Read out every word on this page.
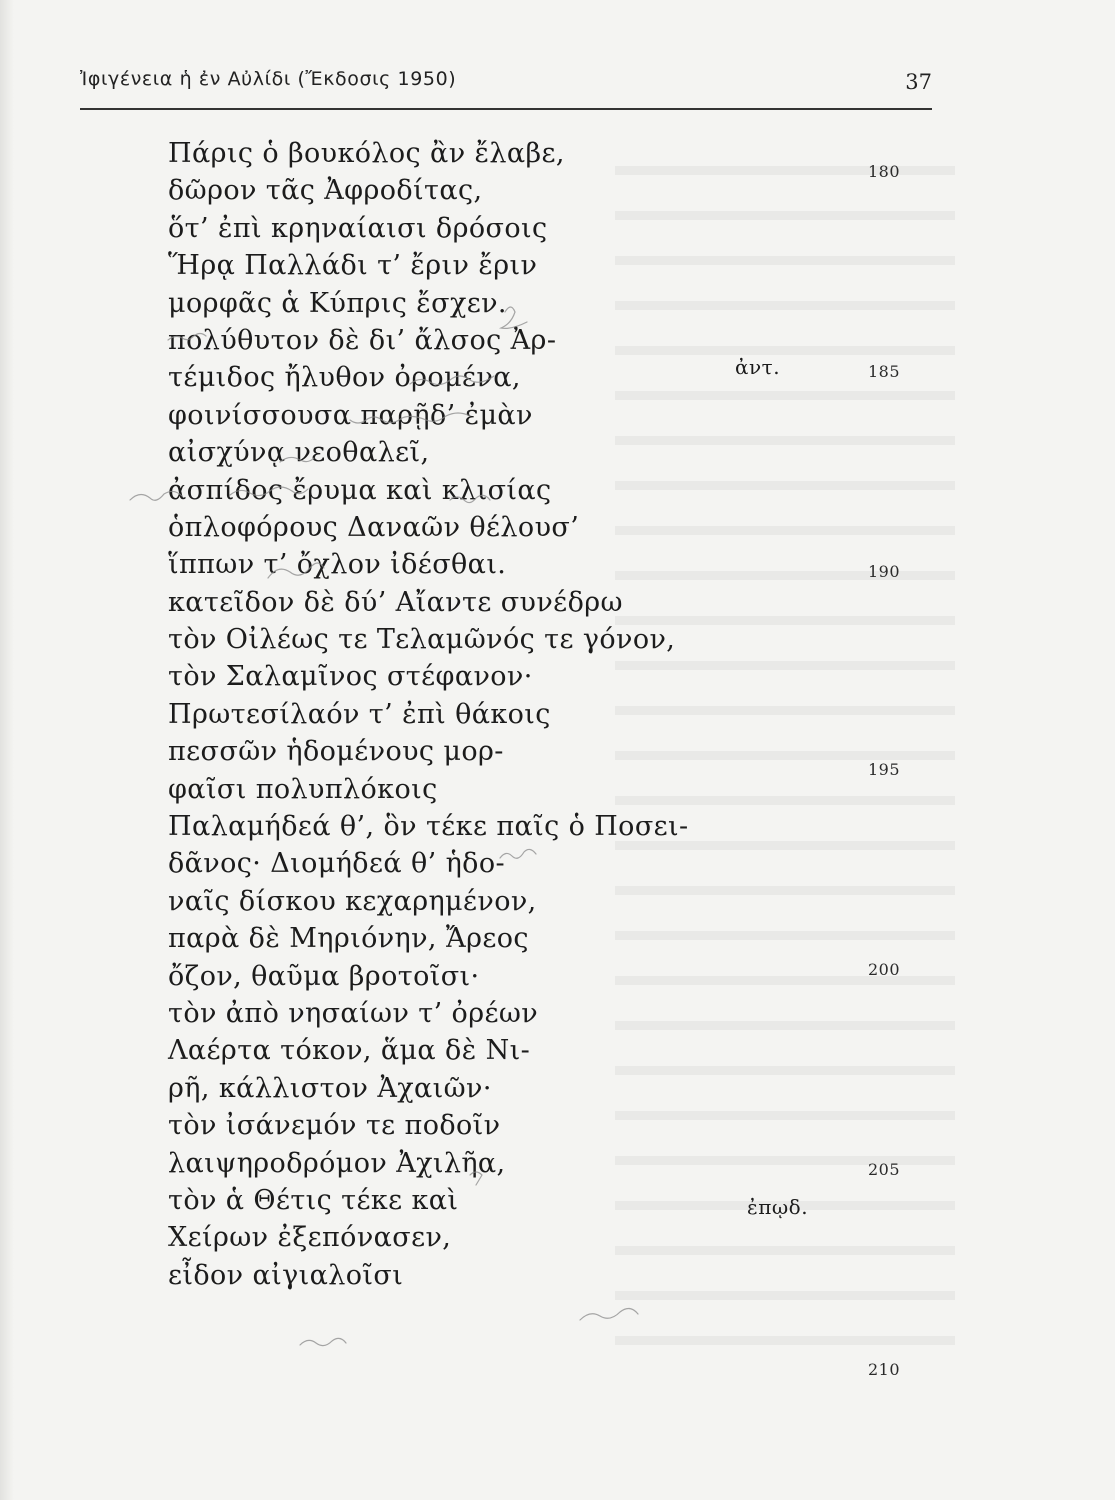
Ἰφιγένεια ἡ ἐν Αὐλίδι (Ἔκδοσις 1950)	37
Πάρις ὁ βουκόλος ἂν ἔλαβε,
δῶρον τᾶς Ἀφροδίτας,
ὅτ’ ἐπὶ κρηναίαισι δρόσοις
Ἥρᾳ Παλλάδι τ’ ἔριν ἔριν
μορφᾶς ἁ Κύπρις ἔσχεν.
πολύθυτον δὲ δι’ ἄλσος Ἀρ-
τέμιδος ἤλυθον ὀρομένα,
φοινίσσουσα παρῇδ’ ἐμὰν
αἰσχύνᾳ νεοθαλεῖ,
ἀσπίδος ἔρυμα καὶ κλισίας
ὁπλοφόρους Δαναῶν θέλουσ’
ἵππων τ’ ὄχλον ἰδέσθαι.
κατεῖδον δὲ δύ’ Αἴαντε συνέδρω
τὸν Οἰλέως τε Τελαμῶνός τε γόνον,
τὸν Σαλαμῖνος στέφανον·
Πρωτεσίλαόν τ’ ἐπὶ θάκοις
πεσσῶν ἡδομένους μορ-
φαῖσι πολυπλόκοις
Παλαμήδεά θ’, ὃν τέκε παῖς ὁ Ποσει-
δᾶνος· Διομήδεά θ’ ἡδο-
ναῖς δίσκου κεχαρημένον,
παρὰ δὲ Μηριόνην, Ἄρεος
ὄζον, θαῦμα βροτοῖσι·
τὸν ἀπὸ νησαίων τ’ ὀρέων
Λαέρτα τόκον, ἅμα δὲ Νι-
ρῆ, κάλλιστον Ἀχαιῶν·
τὸν ἰσάνεμόν τε ποδοῖν
λαιψηροδρόμον Ἀχιλῆα,
τὸν ἁ Θέτις τέκε καὶ
Χείρων ἐξεπόνασεν,
εἶδον αἰγιαλοῖσι
ἀντ.
ἐπῳδ.
180
185
190
195
200
205
210
